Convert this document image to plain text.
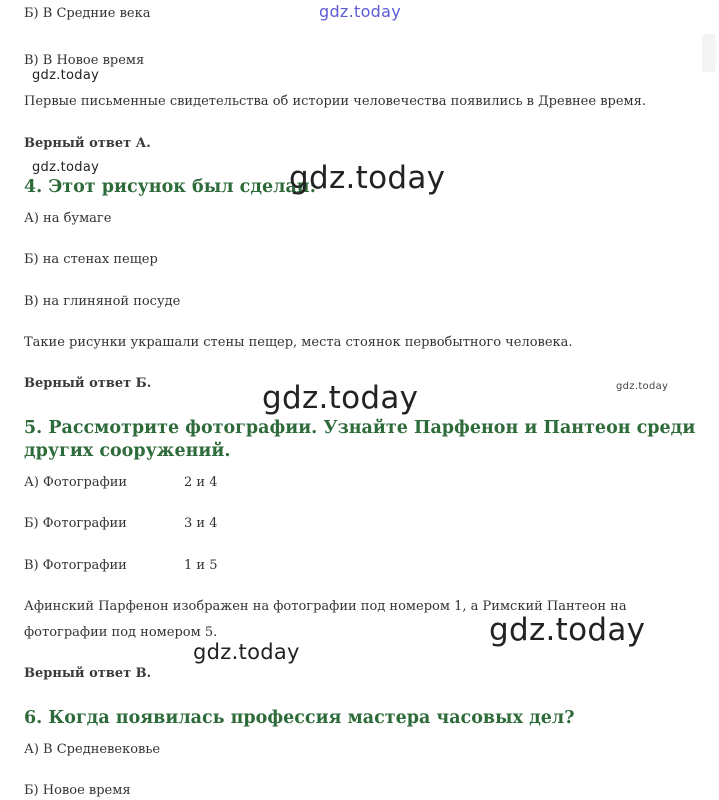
Б) В Средние века
В) В Новое время
Первые письменные свидетельства об истории человечества появились в Древнее время.
Верный ответ А.
4. Этот рисунок был сделан:
А) на бумаге
Б) на стенах пещер
В) на глиняной посуде
Такие рисунки украшали стены пещер, места стоянок первобытного человека.
Верный ответ Б.
5. Рассмотрите фотографии. Узнайте Парфенон и Пантеон среди
других сооружений.
А) Фотографии	2 и 4
Б) Фотографии	3 и 4
В) Фотографии	1 и 5
Афинский Парфенон изображен на фотографии под номером 1, а Римский Пантеон на
фотографии под номером 5.
Верный ответ В.
6. Когда появилась профессия мастера часовых дел?
А) В Средневековье
Б) Новое время
gdz.today
gdz.today
gdz.today	gdz.today
gdz.today	gdz.today
gdz.today
gdz.today
